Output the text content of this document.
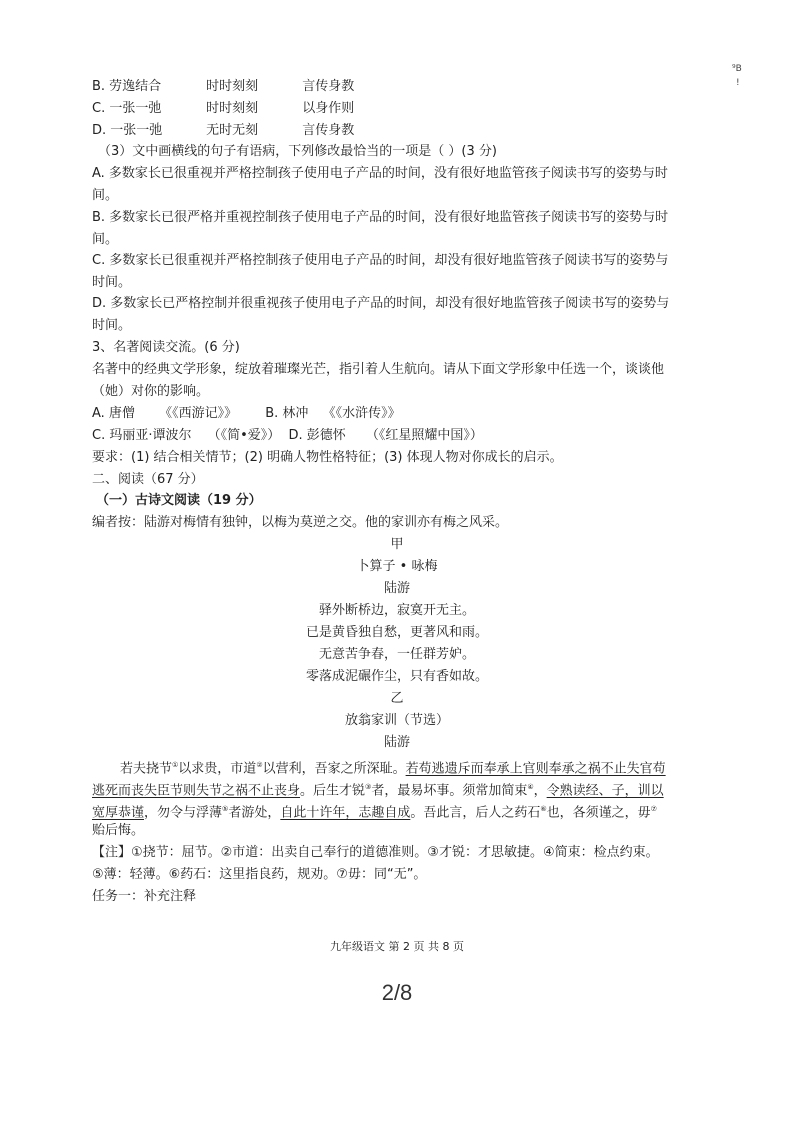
⁹B
!
B. 劳逸结合	时时刻刻	言传身教
C. 一张一弛	时时刻刻	以身作则
D. 一张一弛	无时无刻	言传身教
（3）文中画横线的句子有语病，下列修改最恰当的一项是（ ）(3 分)
A. 多数家长已很重视并严格控制孩子使用电子产品的时间，没有很好地监管孩子阅读书写的姿势与时
间。
B. 多数家长已很严格并重视控制孩子使用电子产品的时间，没有很好地监管孩子阅读书写的姿势与时
间。
C. 多数家长已很重视并严格控制孩子使用电子产品的时间，却没有很好地监管孩子阅读书写的姿势与
时间。
D. 多数家长已严格控制并很重视孩子使用电子产品的时间，却没有很好地监管孩子阅读书写的姿势与
时间。
3、名著阅读交流。(6 分)
名著中的经典文学形象，绽放着璀璨光芒，指引着人生航向。请从下面文学形象中任选一个，谈谈他
（她）对你的影响。
A. 唐僧 《《西游记》》 B. 林冲 《《水浒传》》
C. 玛丽亚·谭波尔 （《简•爱》） D. 彭德怀 （《红星照耀中国》）
要求：(1) 结合相关情节；(2) 明确人物性格特征；(3) 体现人物对你成长的启示。
二、阅读（67 分）
（一）古诗文阅读（19 分）
编者按：陆游对梅情有独钟，以梅为莫逆之交。他的家训亦有梅之风采。
甲
卜算子 • 咏梅
陆游
驿外断桥边，寂寞开无主。
已是黄昏独自愁，更著风和雨。
无意苦争春，一任群芳妒。
零落成泥碾作尘，只有香如故。
乙
放翁家训（节选）
陆游
若夫挠节①以求贵，市道②以营利，吾家之所深耻。若苟逃遗斥而奉承上官则奉承之祸不止失官苟
逃死而丧失臣节则失节之祸不止丧身。后生才锐③者，最易坏事。须常加简束④，令熟读经、子，训以
宽厚恭谨，勿令与浮薄⑤者游处，自此十许年，志趣自成。吾此言，后人之药石⑥也，各须谨之，毋⑦
贻后悔。
【注】①挠节：屈节。②市道：出卖自己奉行的道德准则。③才锐：才思敏捷。④简束：检点约束。
⑤薄：轻薄。⑥药石：这里指良药，规劝。⑦毋：同“无”。
任务一：补充注释
九年级语文 第 2 页 共 8 页
2/8
